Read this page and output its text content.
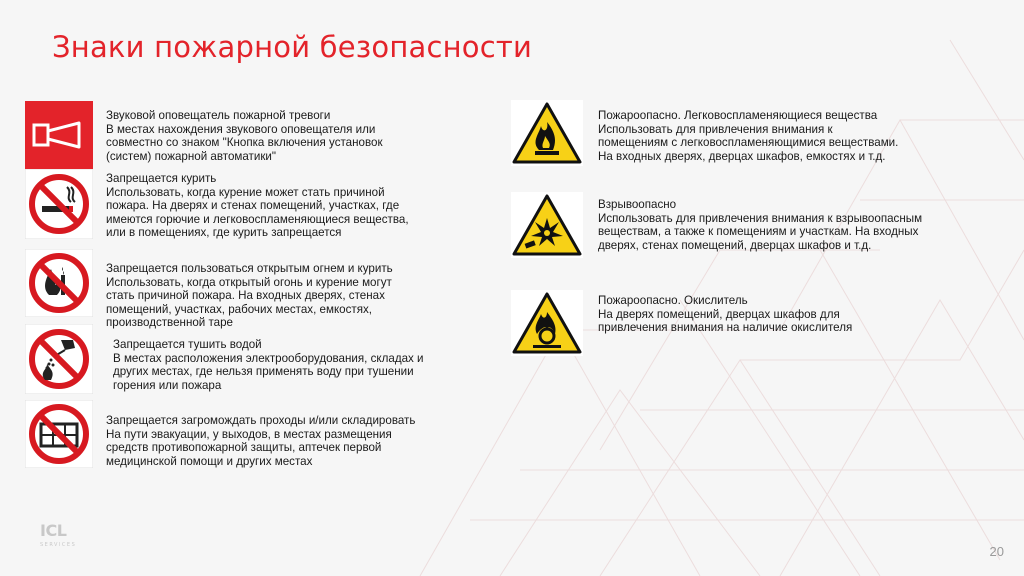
Знаки пожарной безопасности
Звуковой оповещатель пожарной тревоги
В местах нахождения звукового оповещателя или
совместно со знаком "Кнопка включения установок
(систем) пожарной автоматики"
Запрещается курить
Использовать, когда курение может стать причиной
пожара. На дверях и стенах помещений, участках, где
имеются горючие и легковоспламеняющиеся вещества,
или в помещениях, где курить запрещается
Запрещается пользоваться открытым огнем и курить
Использовать, когда открытый огонь и курение могут
стать причиной пожара. На входных дверях, стенах
помещений, участках, рабочих местах, емкостях,
производственной таре
Запрещается тушить водой
В местах расположения электрооборудования, складах и
других местах, где нельзя применять воду при тушении
горения или пожара
Запрещается загромождать проходы и/или складировать
На пути эвакуации, у выходов, в местах размещения
средств противопожарной защиты, аптечек первой
медицинской помощи и других местах
Пожароопасно. Легковоспламеняющиеся вещества
Использовать для привлечения внимания к
помещениям с легковоспламеняющимися веществами.
На входных дверях, дверцах шкафов, емкостях и т.д.
Взрывоопасно
Использовать для привлечения внимания к взрывоопасным
веществам, а также к помещениям и участкам. На входных
дверях, стенах помещений, дверцах шкафов и т.д.
Пожароопасно. Окислитель
На дверях помещений, дверцах шкафов для
привлечения внимания на наличие окислителя
ICL
SERVICES	20
